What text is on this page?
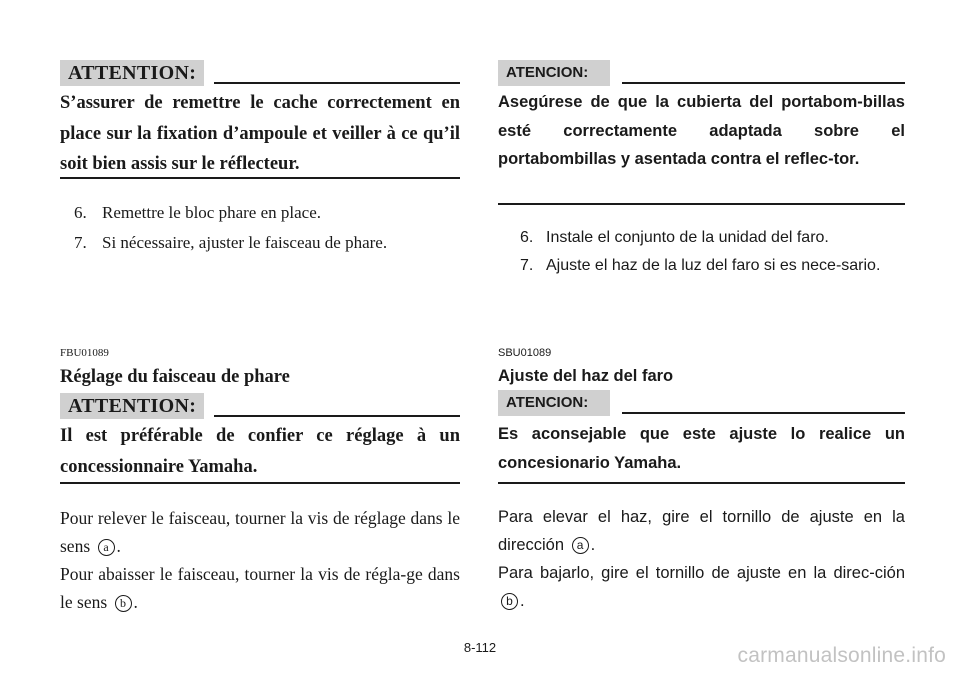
ATTENTION:
S’assurer de remettre le cache correctement en place sur la fixation d’ampoule et veiller à ce qu’il soit bien assis sur le réflecteur.
6. Remettre le bloc phare en place.
7. Si nécessaire, ajuster le faisceau de phare.
FBU01089
Réglage du faisceau de phare
ATTENTION:
Il est préférable de confier ce réglage à un concessionnaire Yamaha.
Pour relever le faisceau, tourner la vis de réglage dans le sens a .
Pour abaisser le faisceau, tourner la vis de régla-ge dans le sens b .
ATENCION:
Asegúrese de que la cubierta del portabom-billas esté correctamente adaptada sobre el portabombillas y asentada contra el reflec-tor.
6. Instale el conjunto de la unidad del faro.
7. Ajuste el haz de la luz del faro si es nece-sario.
SBU01089
Ajuste del haz del faro
ATENCION:
Es aconsejable que este ajuste lo realice un concesionario Yamaha.
Para elevar el haz, gire el tornillo de ajuste en la dirección a .
Para bajarlo, gire el tornillo de ajuste en la direc-ción b .
8-112	carmanualsonline.info
